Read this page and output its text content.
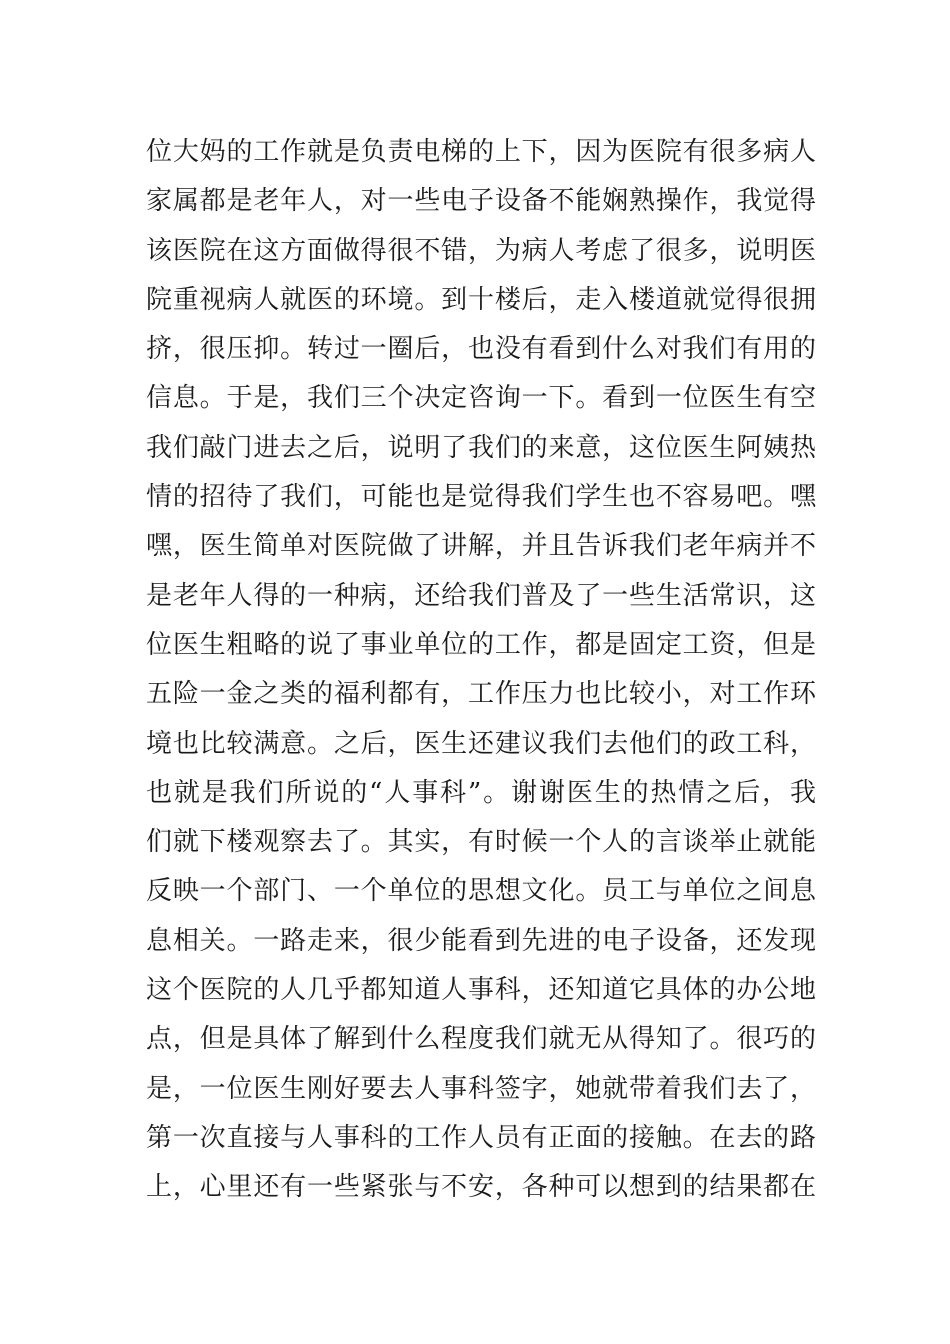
位大妈的工作就是负责电梯的上下，因为医院有很多病人
家属都是老年人，对一些电子设备不能娴熟操作，我觉得
该医院在这方面做得很不错，为病人考虑了很多，说明医
院重视病人就医的环境。到十楼后，走入楼道就觉得很拥
挤，很压抑。转过一圈后，也没有看到什么对我们有用的
信息。于是，我们三个决定咨询一下。看到一位医生有空
我们敲门进去之后，说明了我们的来意，这位医生阿姨热
情的招待了我们，可能也是觉得我们学生也不容易吧。嘿
嘿，医生简单对医院做了讲解，并且告诉我们老年病并不
是老年人得的一种病，还给我们普及了一些生活常识，这
位医生粗略的说了事业单位的工作，都是固定工资，但是
五险一金之类的福利都有，工作压力也比较小，对工作环
境也比较满意。之后，医生还建议我们去他们的政工科，
也就是我们所说的“人事科”。谢谢医生的热情之后，我
们就下楼观察去了。其实，有时候一个人的言谈举止就能
反映一个部门、一个单位的思想文化。员工与单位之间息
息相关。一路走来，很少能看到先进的电子设备，还发现
这个医院的人几乎都知道人事科，还知道它具体的办公地
点，但是具体了解到什么程度我们就无从得知了。很巧的
是，一位医生刚好要去人事科签字，她就带着我们去了，
第一次直接与人事科的工作人员有正面的接触。在去的路
上，心里还有一些紧张与不安，各种可以想到的结果都在
